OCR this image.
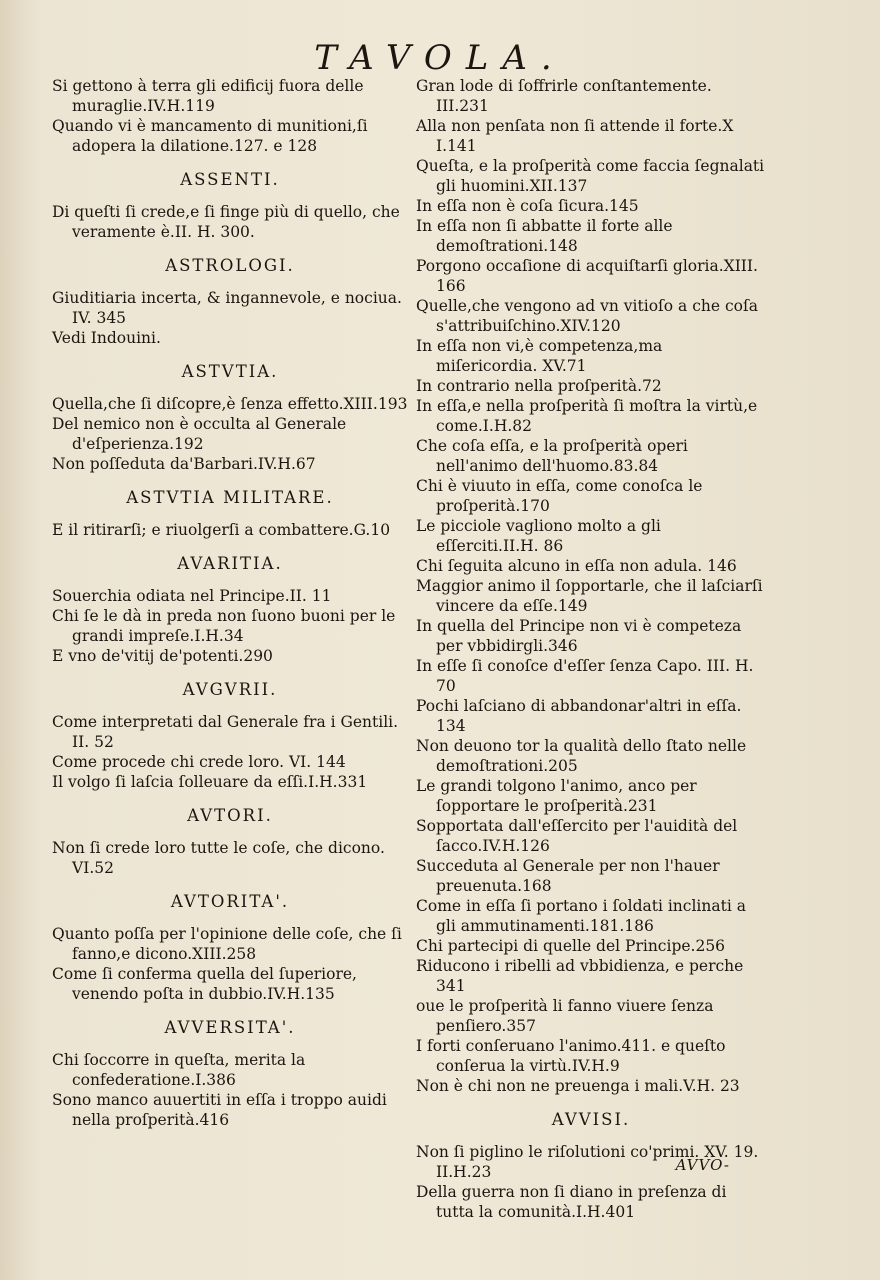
TAVOLA.
Si gettono à terra gli edificij fuora delle muraglie.IV.H.119
Quando vi è mancamento di munitioni,ſi adopera la dilatione.127. e 128
ASSENTI.
Di queſti ſi crede,e ſi finge più di quello, che veramente è.II. H. 300.
ASTROLOGI.
Giuditiaria incerta, & ingannevole, e nociua. IV. 345
Vedi Indouini.
ASTVTIA.
Quella,che ſi diſcopre,è ſenza effetto.XIII.193
Del nemico non è occulta al Generale d'eſperienza.192
Non poſſeduta da'Barbari.IV.H.67
ASTVTIA MILITARE.
E il ritirarſi; e riuolgerſi a combattere.G.10
AVARITIA.
Souerchia odiata nel Principe.II. 11
Chi ſe le dà in preda non ſuono buoni per le grandi impreſe.I.H.34
E vno de'vitij de'potenti.290
AVGVRII.
Come interpretati dal Generale fra i Gentili. II. 52
Come procede chi crede loro. VI. 144
Il volgo ſi laſcia ſolleuare da eſſi.I.H.331
AVTORI.
Non ſi crede loro tutte le coſe, che dicono. VI.52
AVTORITA'.
Quanto poſſa per l'opinione delle coſe, che ſi fanno,e dicono.XIII.258
Come ſi conferma quella del ſuperiore, venendo poſta in dubbio.IV.H.135
AVVERSITA'.
Chi ſoccorre in queſta, merita la confederatione.I.386
Sono manco auuertiti in eſſa i troppo auidi nella proſperità.416
Gran lode di ſoffrirle conſtantemente. III.231
Alla non penſata non ſi attende il forte.X I.141
Queſta, e la proſperità come faccia ſegnalati gli huomini.XII.137
In eſſa non è coſa ſicura.145
In eſſa non ſi abbatte il forte alle demoſtrationi.148
Porgono occaſione di acquiſtarſi gloria.XIII. 166
Quelle,che vengono ad vn vitioſo a che coſa s'attribuiſchino.XIV.120
In eſſa non vi,è competenza,ma miſericordia. XV.71
In contrario nella proſperità.72
In eſſa,e nella proſperità ſi moſtra la virtù,e come.I.H.82
Che coſa eſſa, e la proſperità operi nell'animo dell'huomo.83.84
Chi è viuuto in eſſa, come conoſca le proſperità.170
Le picciole vagliono molto a gli eſſerciti.II.H. 86
Chi ſeguita alcuno in eſſa non adula. 146
Maggior animo il ſopportarle, che il laſciarſi vincere da eſſe.149
In quella del Principe non vi è competeza per vbbidirgli.346
In eſſe ſi conoſce d'eſſer ſenza Capo. III. H. 70
Pochi laſciano di abbandonar'altri in eſſa. 134
Non deuono tor la qualità dello ſtato nelle demoſtrationi.205
Le grandi tolgono l'animo, anco per ſopportare le proſperità.231
Sopportata dall'eſſercito per l'auidità del ſacco.IV.H.126
Succeduta al Generale per non l'hauer preuenuta.168
Come in eſſa ſi portano i ſoldati inclinati a gli ammutinamenti.181.186
Chi partecipi di quelle del Principe.256
Riducono i ribelli ad vbbidienza, e perche 341
oue le proſperità li fanno viuere ſenza penſiero.357
I forti conſeruano l'animo.411. e queſto conſerua la virtù.IV.H.9
Non è chi non ne preuenga i mali.V.H. 23
AVVISI.
Non ſi piglino le riſolutioni co'primi. XV. 19. II.H.23
Della guerra non ſi diano in preſenza di tutta la comunità.I.H.401
AVVO-
